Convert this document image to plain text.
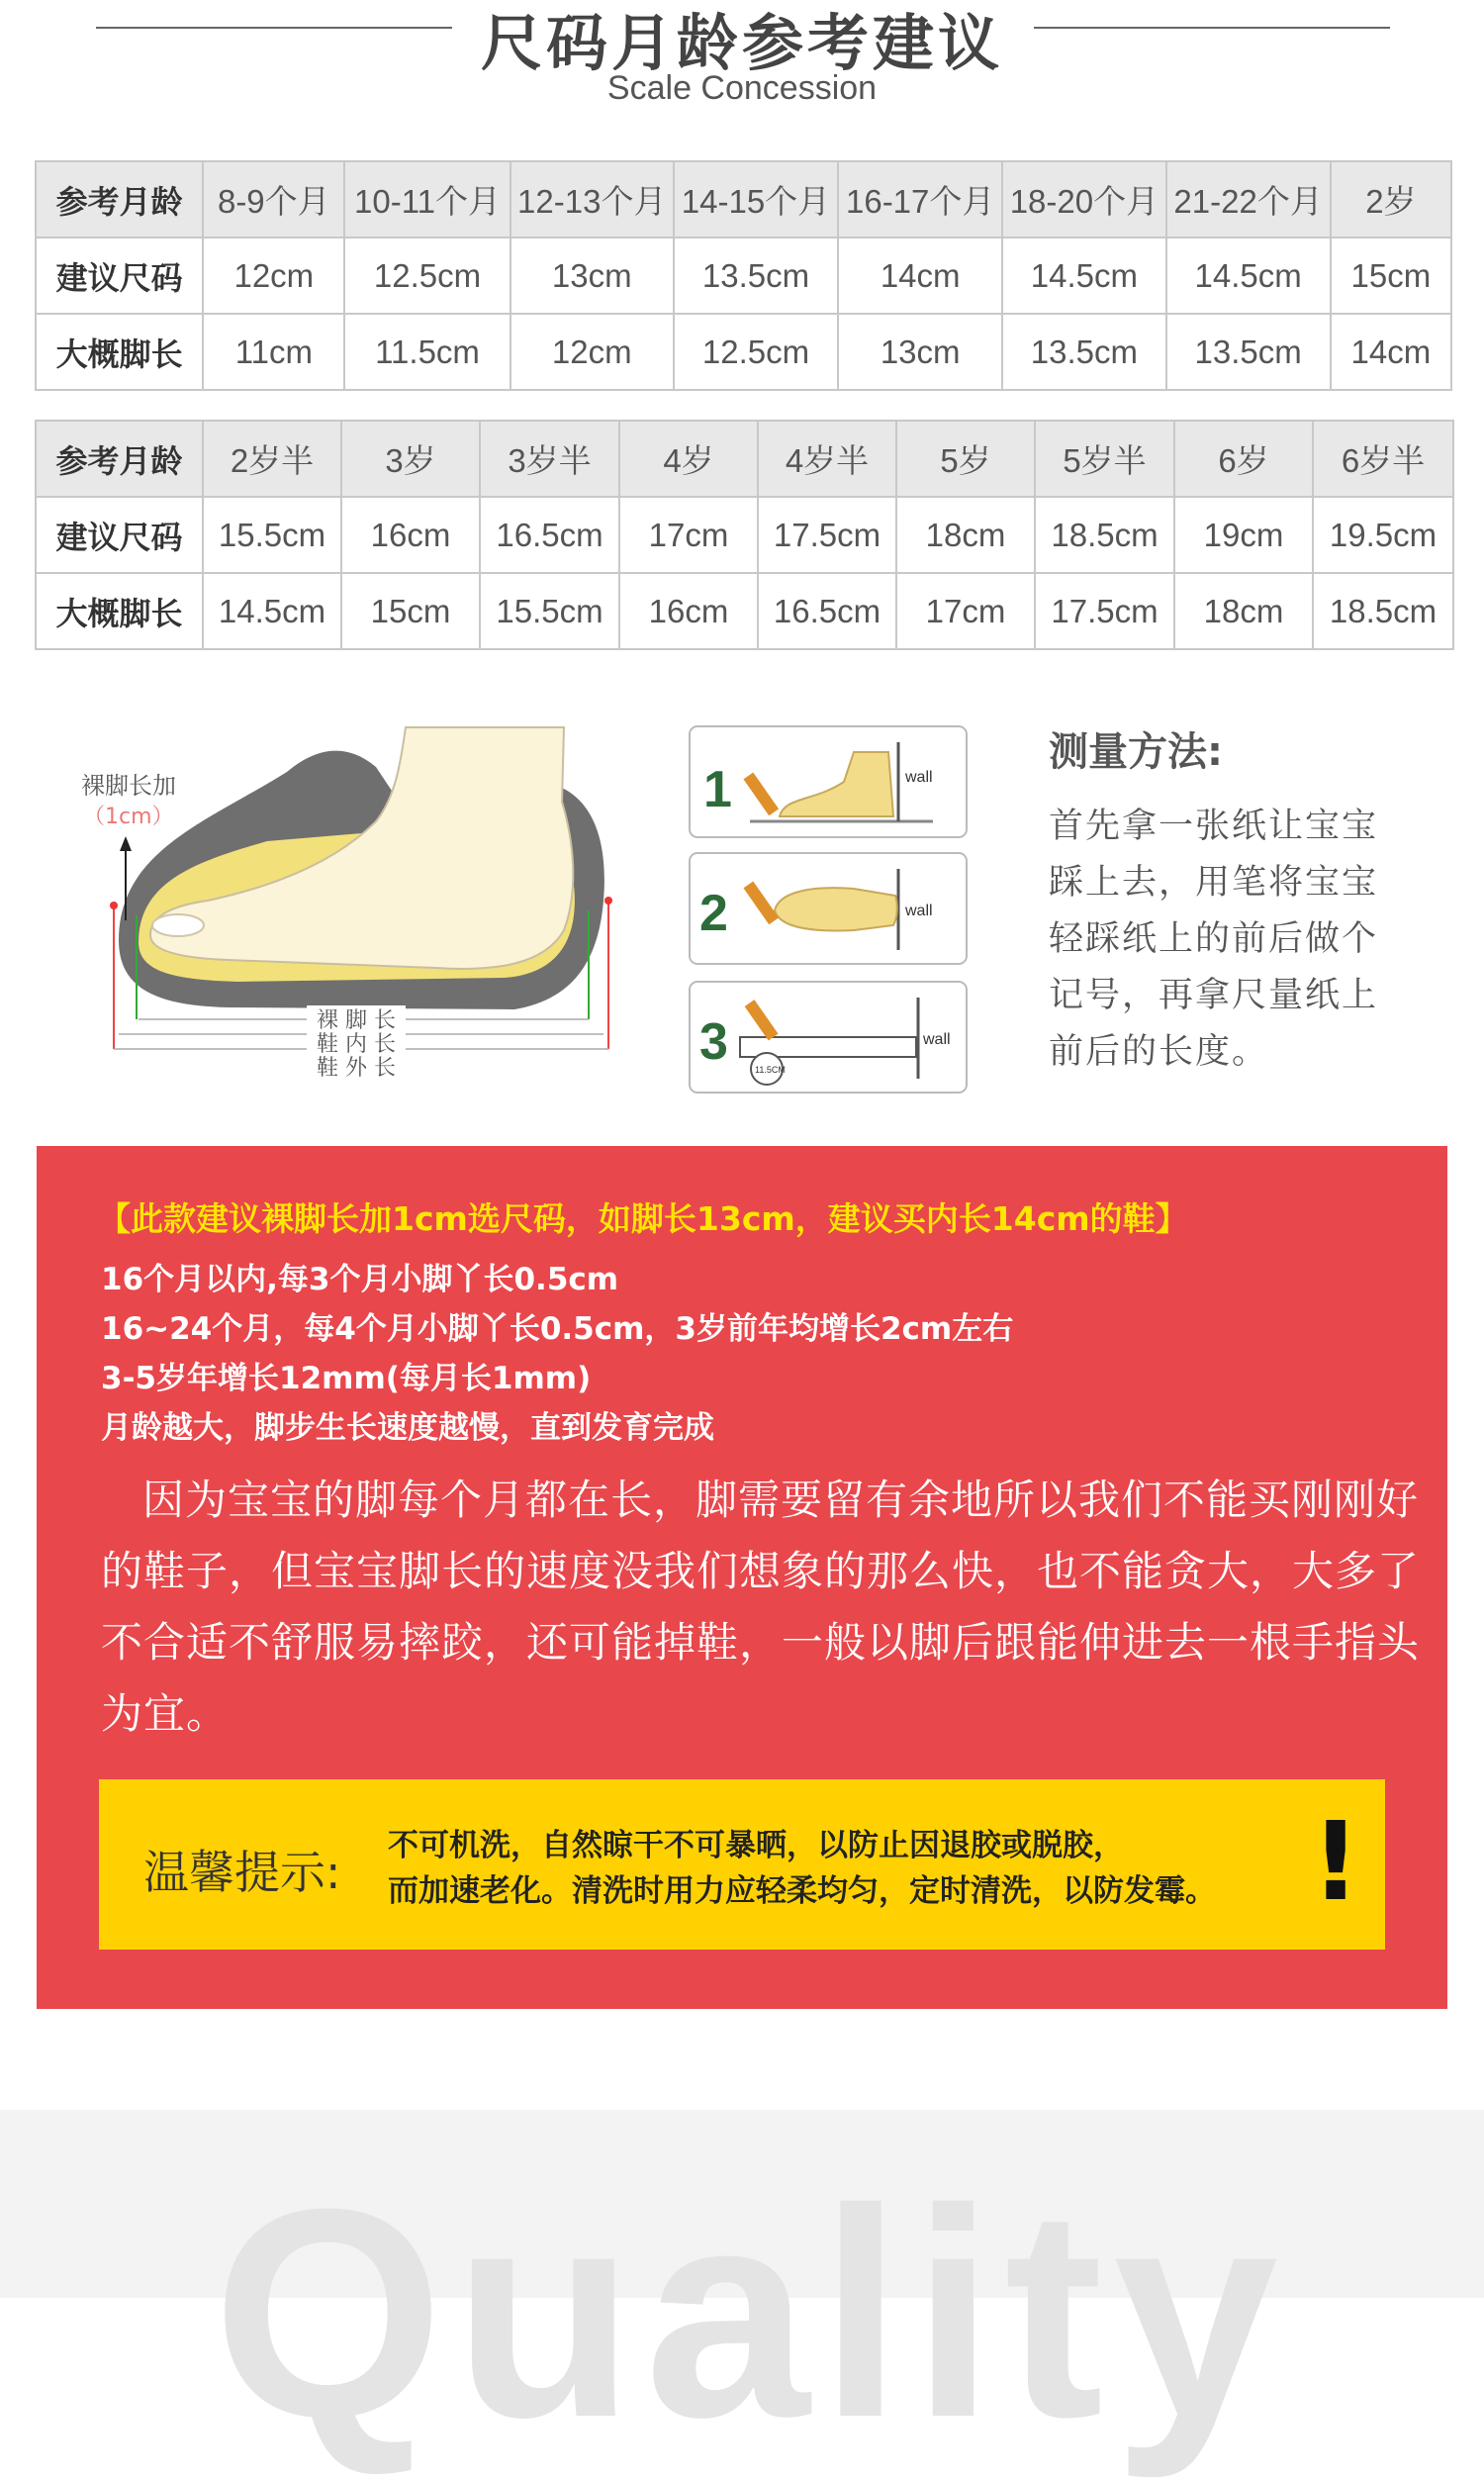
尺码月龄参考建议
Scale Concession
参考月龄	8-9个月	10-11个月	12-13个月	14-15个月	16-17个月	18-20个月	21-22个月	2岁
建议尺码	12cm	12.5cm	13cm	13.5cm	14cm	14.5cm	14.5cm	15cm
大概脚长	11cm	11.5cm	12cm	12.5cm	13cm	13.5cm	13.5cm	14cm
参考月龄	2岁半	3岁	3岁半	4岁	4岁半	5岁	5岁半	6岁	6岁半
建议尺码	15.5cm	16cm	16.5cm	17cm	17.5cm	18cm	18.5cm	19cm	19.5cm
大概脚长	14.5cm	15cm	15.5cm	16cm	16.5cm	17cm	17.5cm	18cm	18.5cm
裸脚长加
（1cm）
裸 脚 长
鞋 内 长
鞋 外 长
1	wall
2	wall
3	11.5CM
wall
测量方法:
首先拿一张纸让宝宝
踩上去，用笔将宝宝
轻踩纸上的前后做个
记号，再拿尺量纸上
前后的长度。
【此款建议裸脚长加1cm选尺码，如脚长13cm，建议买内长14cm的鞋】
16个月以内,每3个月小脚丫长0.5cm
16~24个月，每4个月小脚丫长0.5cm，3岁前年均增长2cm左右
3-5岁年增长12mm(每月长1mm)
月龄越大，脚步生长速度越慢，直到发育完成
因为宝宝的脚每个月都在长，脚需要留有余地所以我们不能买刚刚好的鞋子，但宝宝脚长的速度没我们想象的那么快，也不能贪大，大多了不合适不舒服易摔跤，还可能掉鞋，一般以脚后跟能伸进去一根手指头为宜。
温馨提示: 不可机洗，自然晾干不可暴晒，以防止因退胶或脱胶，
而加速老化。清洗时用力应轻柔均匀，定时清洗，以防发霉。 !
Quality
